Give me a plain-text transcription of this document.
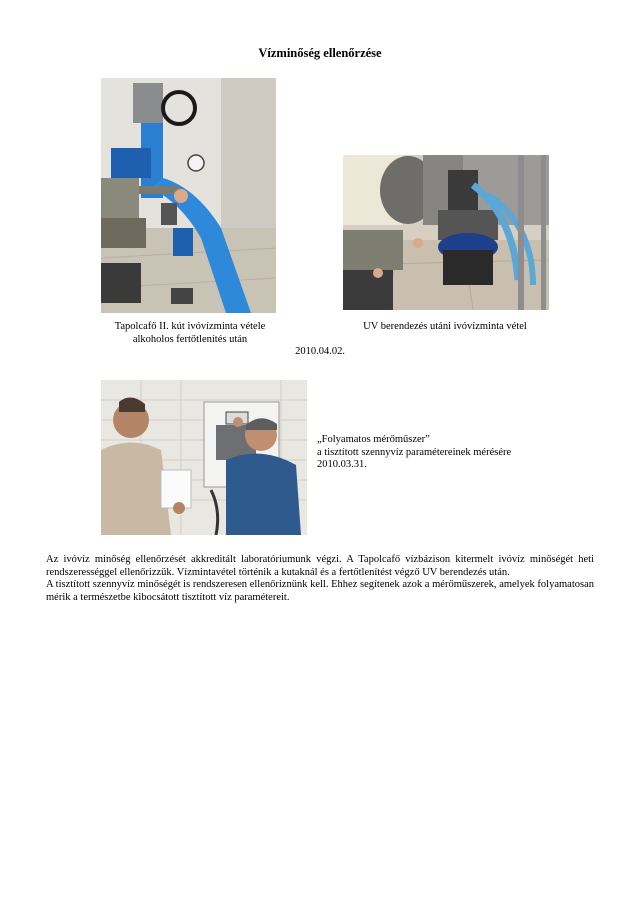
Vízminőség ellenőrzése
Tapolcafő II. kút ivóvízminta vétele
alkoholos fertőtlenítés után
UV berendezés utáni ivóvízminta vétel
2010.04.02.
„Folyamatos mérőműszer”
a tisztított szennyvíz paramétereinek mérésére
2010.03.31.

Az ivóvíz minőség ellenőrzését akkreditált laboratóriumunk végzi. A Tapolcafő vízbázison kitermelt ivóvíz minőségét heti rendszerességgel ellenőrizzük. Vízmintavétel történik a kutaknál és a fertőtlenítést végző UV berendezés után.

A tisztított szennyvíz minőségét is rendszeresen ellenőriznünk kell. Ehhez segítenek azok a mérőműszerek, amelyek folyamatosan mérik a természetbe kibocsátott tisztított víz paramétereit.
